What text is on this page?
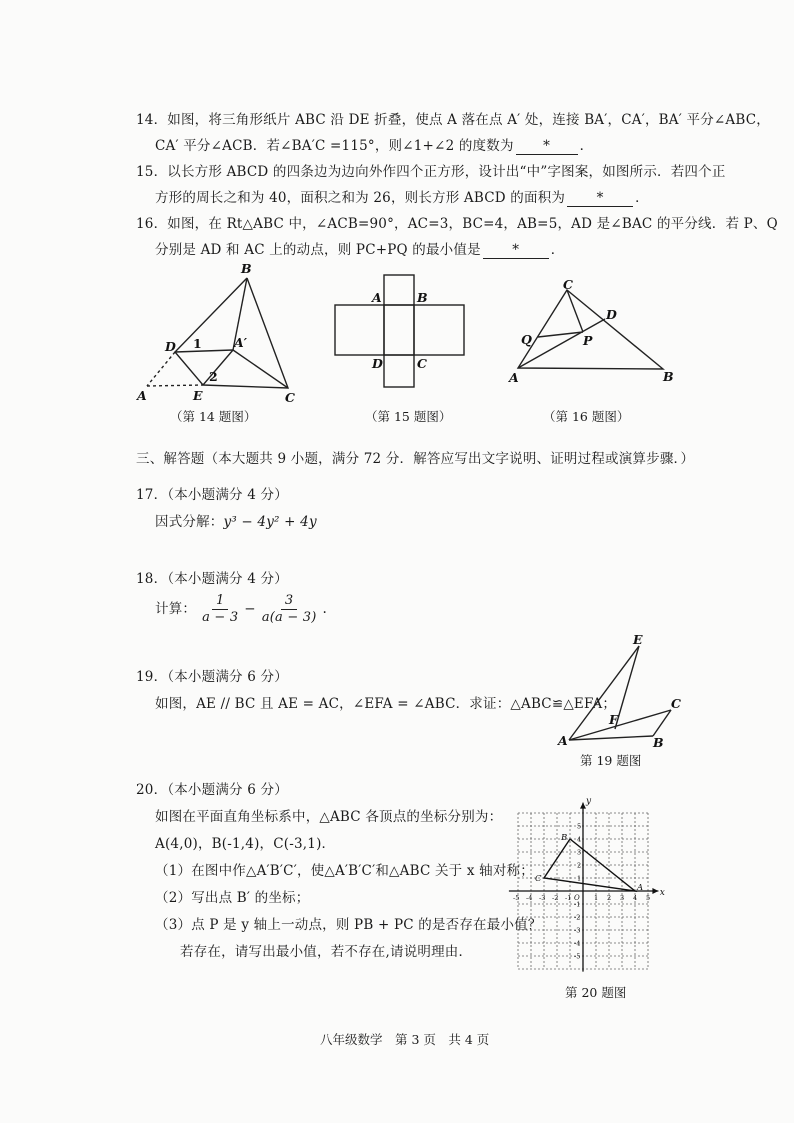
14．如图，将三角形纸片 ABC 沿 DE 折叠，使点 A 落在点 A′ 处，连接 BA′，CA′，BA′ 平分∠ABC，
CA′ 平分∠ACB．若∠BA′C =115°，则∠1+∠2 的度数为 * ．
15．以长方形 ABCD 的四条边为边向外作四个正方形，设计出“中”字图案，如图所示．若四个正
方形的周长之和为 40，面积之和为 26，则长方形 ABCD 的面积为 * ．
16．如图，在 Rt△ABC 中，∠ACB=90°，AC=3，BC=4，AB=5，AD 是∠BAC 的平分线．若 P、Q
分别是 AD 和 AC 上的动点，则 PC+PQ 的最小值是 * ．
B
D 1	A′
2
A	E	C
（第 14 题图）
A	B
D	C
（第 15 题图）
C
D
Q	P
A	B
（第 16 题图）
三、解答题（本大题共 9 小题，满分 72 分．解答应写出文字说明、证明过程或演算步骤．）
17．（本小题满分 4 分）
因式分解：y³ − 4y² + 4y
18．（本小题满分 4 分）
计算： $\frac{1}{a - 3} - \frac{3}{a(a - 3)}$ .
19．（本小题满分 6 分）
如图，AE // BC 且 AE = AC，∠EFA = ∠ABC．求证：△ABC≌△EFA；
E
C
F
A	B
第 19 题图
20．（本小题满分 6 分）
如图在平面直角坐标系中，△ABC 各顶点的坐标分别为：
A(4,0)，B(-1,4)，C(-3,1)．
（1）在图中作△A′B′C′，使△A′B′C′和△ABC 关于 x 轴对称；
（2）写出点 B′ 的坐标；
（3）点 P 是 y 轴上一动点，则 PB + PC 的是否存在最小值？
若存在，请写出最小值，若不存在,请说明理由．
-5 -4 -3 -2 -1	1 2 3 4 5
5
4
3
2
1
-1
-2
-3
-4
-5
x
y
O
A
B
C
第 20 题图
八年级数学　第 3 页　共 4 页
